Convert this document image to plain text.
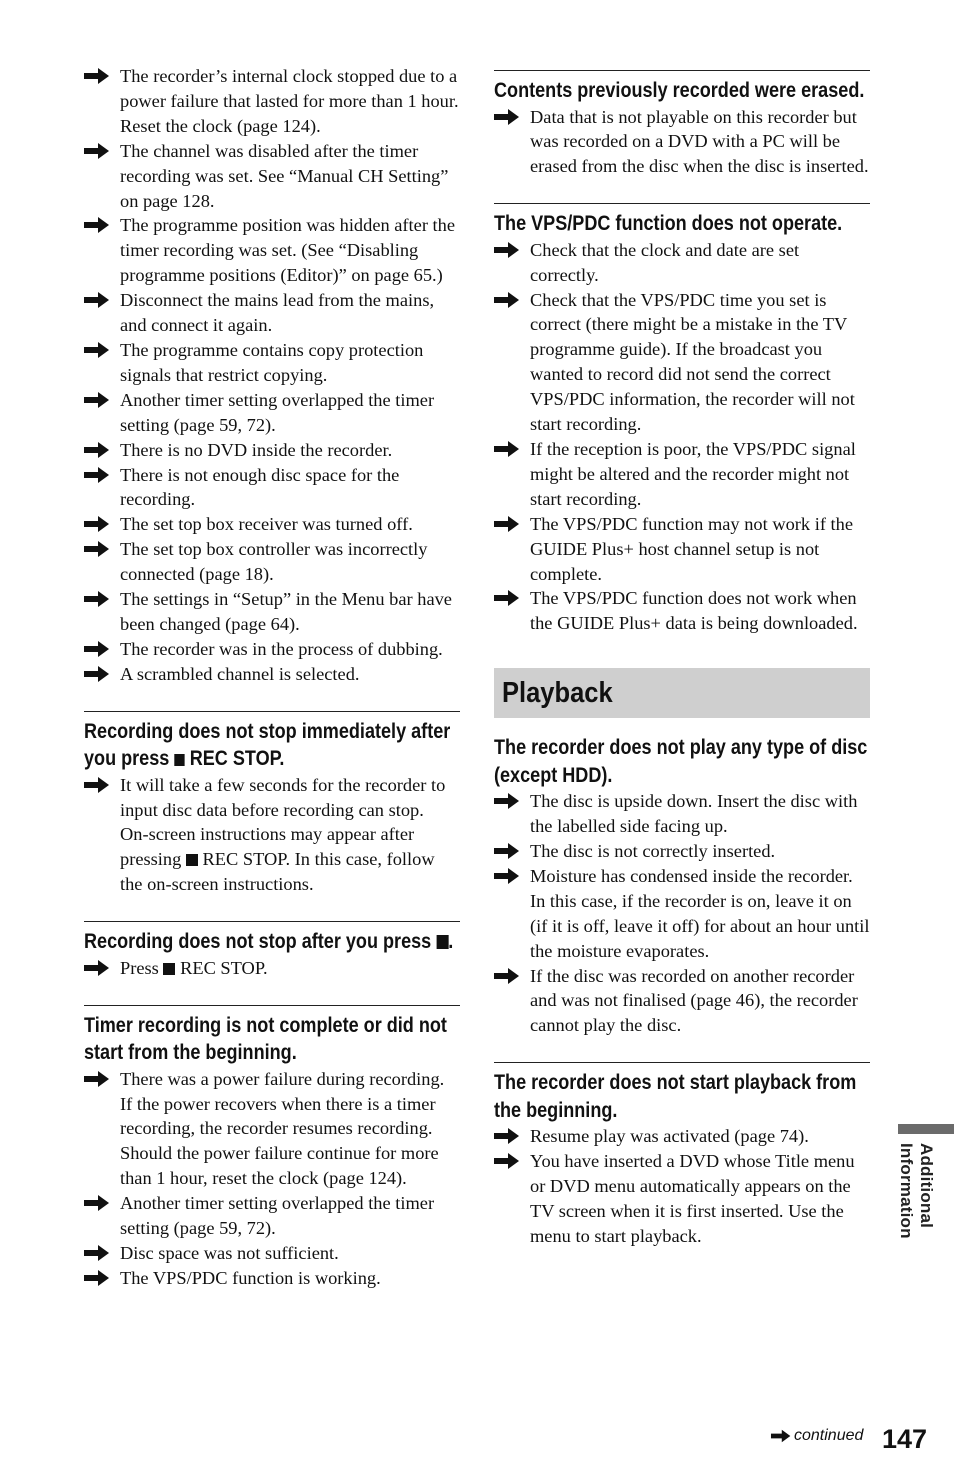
The recorder’s internal clock stopped due to a power failure that lasted for more than 1 hour. Reset the clock (page 124).
The channel was disabled after the timer recording was set. See “Manual CH Setting” on page 128.
The programme position was hidden after the timer recording was set. (See “Disabling programme positions (Editor)” on page 65.)
Disconnect the mains lead from the mains, and connect it again.
The programme contains copy protection signals that restrict copying.
Another timer setting overlapped the timer setting (page 59, 72).
There is no DVD inside the recorder.
There is not enough disc space for the recording.
The set top box receiver was turned off.
The set top box controller was incorrectly connected (page 18).
The settings in “Setup” in the Menu bar have been changed (page 64).
The recorder was in the process of dubbing.
A scrambled channel is selected.
Recording does not stop immediately after you press REC STOP.
It will take a few seconds for the recorder to input disc data before recording can stop.
On-screen instructions may appear after pressing REC STOP. In this case, follow the on-screen instructions.
Recording does not stop after you press .
Press REC STOP.
Timer recording is not complete or did not start from the beginning.
There was a power failure during recording. If the power recovers when there is a timer recording, the recorder resumes recording.
Should the power failure continue for more than 1 hour, reset the clock (page 124).
Another timer setting overlapped the timer setting (page 59, 72).
Disc space was not sufficient.
The VPS/PDC function is working.
Contents previously recorded were erased.
Data that is not playable on this recorder but was recorded on a DVD with a PC will be erased from the disc when the disc is inserted.
The VPS/PDC function does not operate.
Check that the clock and date are set correctly.
Check that the VPS/PDC time you set is correct (there might be a mistake in the TV programme guide). If the broadcast you wanted to record did not send the correct VPS/PDC information, the recorder will not start recording.
If the reception is poor, the VPS/PDC signal might be altered and the recorder might not start recording.
The VPS/PDC function may not work if the GUIDE Plus+ host channel setup is not complete.
The VPS/PDC function does not work when the GUIDE Plus+ data is being downloaded.
Playback
The recorder does not play any type of disc (except HDD).
The disc is upside down. Insert the disc with the labelled side facing up.
The disc is not correctly inserted.
Moisture has condensed inside the recorder. In this case, if the recorder is on, leave it on (if it is off, leave it off) for about an hour until the moisture evaporates.
If the disc was recorded on another recorder and was not finalised (page 46), the recorder cannot play the disc.
The recorder does not start playback from the beginning.
Resume play was activated (page 74).
You have inserted a DVD whose Title menu or DVD menu automatically appears on the TV screen when it is first inserted. Use the menu to start playback.
Additional Information
continued 147
